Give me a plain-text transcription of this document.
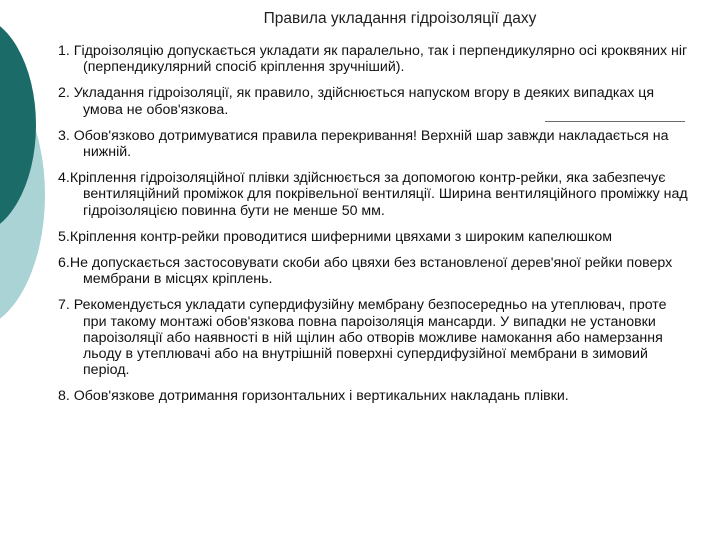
Правила укладання гідроізоляції даху
1. Гідроізоляцію допускається укладати як паралельно, так і перпендикулярно осі кроквяних ніг (перпендикулярний спосіб кріплення зручніший).
2. Укладання гідроізоляції, як правило, здійснюється напуском вгору в деяких випадках ця умова не обов'язкова.
3. Обов'язково дотримуватися правила перекривання! Верхній шар завжди накладається на нижній.
4.Кріплення гідроізоляційної плівки здійснюється за допомогою контр-рейки, яка забезпечує вентиляційний проміжок для покрівельної вентиляції. Ширина вентиляційного проміжку над гідроізоляцією повинна бути не менше 50 мм.
5.Кріплення контр-рейки проводитися шиферними цвяхами з широким капелюшком
6.Не допускається застосовувати скоби або цвяхи без встановленої дерев'яної рейки поверх мембрани в місцях кріплень.
7. Рекомендується укладати супердифузійну мембрану безпосередньо на утеплювач, проте при такому монтажі обов'язкова повна пароізоляція мансарди. У випадки не установки пароізоляції або наявності в ній щілин або отворів можливе намокання або намерзання льоду в утеплювачі або на внутрішній поверхні супердифузійної мембрани в зимовий період.
8. Обов'язкове дотримання горизонтальних і вертикальних накладань плівки.
